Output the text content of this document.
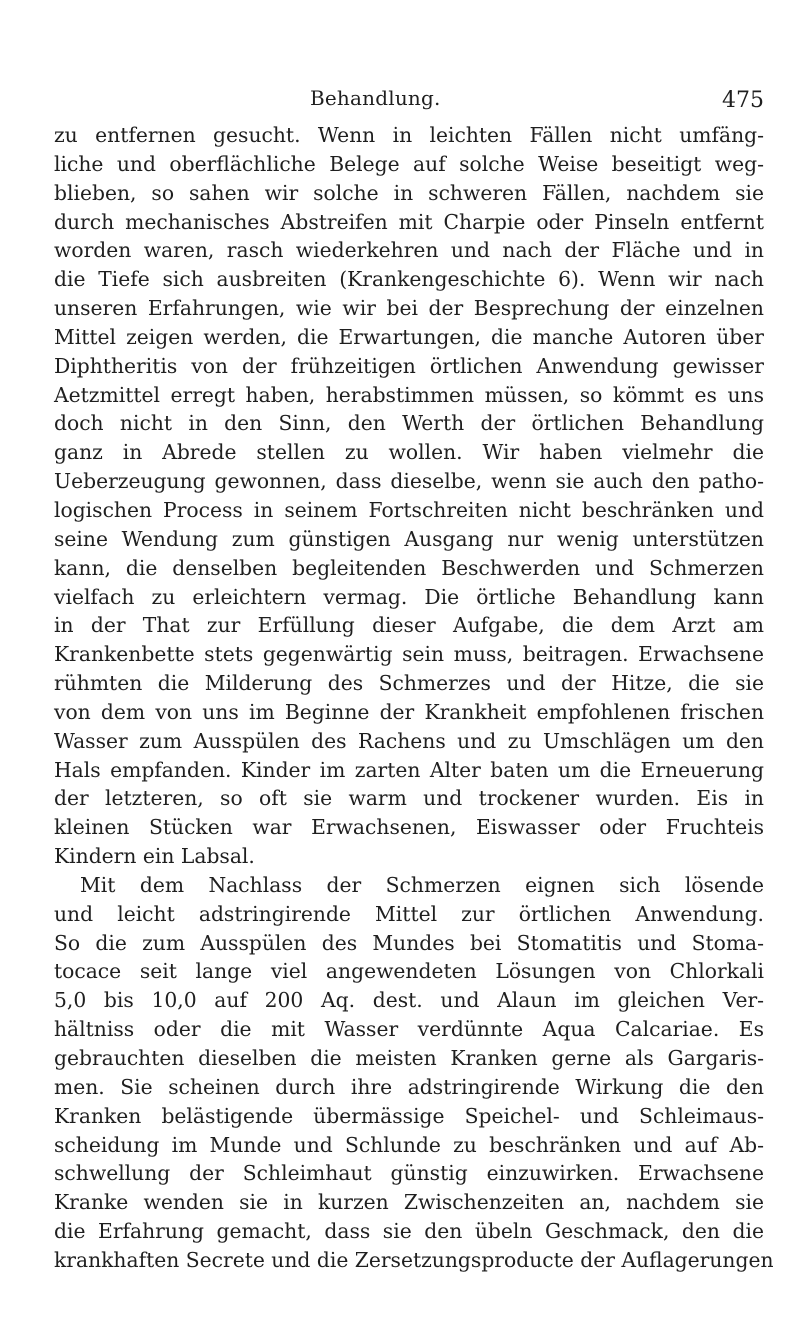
Behandlung.	475
zu entfernen gesucht. Wenn in leichten Fällen nicht umfäng-
liche und oberflächliche Belege auf solche Weise beseitigt weg-
blieben, so sahen wir solche in schweren Fällen, nachdem sie
durch mechanisches Abstreifen mit Charpie oder Pinseln entfernt
worden waren, rasch wiederkehren und nach der Fläche und in
die Tiefe sich ausbreiten (Krankengeschichte 6). Wenn wir nach
unseren Erfahrungen, wie wir bei der Besprechung der einzelnen
Mittel zeigen werden, die Erwartungen, die manche Autoren über
Diphtheritis von der frühzeitigen örtlichen Anwendung gewisser
Aetzmittel erregt haben, herabstimmen müssen, so kömmt es uns
doch nicht in den Sinn, den Werth der örtlichen Behandlung
ganz in Abrede stellen zu wollen. Wir haben vielmehr die
Ueberzeugung gewonnen, dass dieselbe, wenn sie auch den patho-
logischen Process in seinem Fortschreiten nicht beschränken und
seine Wendung zum günstigen Ausgang nur wenig unterstützen
kann, die denselben begleitenden Beschwerden und Schmerzen
vielfach zu erleichtern vermag. Die örtliche Behandlung kann
in der That zur Erfüllung dieser Aufgabe, die dem Arzt am
Krankenbette stets gegenwärtig sein muss, beitragen. Erwachsene
rühmten die Milderung des Schmerzes und der Hitze, die sie
von dem von uns im Beginne der Krankheit empfohlenen frischen
Wasser zum Ausspülen des Rachens und zu Umschlägen um den
Hals empfanden. Kinder im zarten Alter baten um die Erneuerung
der letzteren, so oft sie warm und trockener wurden. Eis in
kleinen Stücken war Erwachsenen, Eiswasser oder Fruchteis
Kindern ein Labsal.
Mit dem Nachlass der Schmerzen eignen sich lösende
und leicht adstringirende Mittel zur örtlichen Anwendung.
So die zum Ausspülen des Mundes bei Stomatitis und Stoma-
tocace seit lange viel angewendeten Lösungen von Chlorkali
5,0 bis 10,0 auf 200 Aq. dest. und Alaun im gleichen Ver-
hältniss oder die mit Wasser verdünnte Aqua Calcariae. Es
gebrauchten dieselben die meisten Kranken gerne als Gargaris-
men. Sie scheinen durch ihre adstringirende Wirkung die den
Kranken belästigende übermässige Speichel- und Schleimaus-
scheidung im Munde und Schlunde zu beschränken und auf Ab-
schwellung der Schleimhaut günstig einzuwirken. Erwachsene
Kranke wenden sie in kurzen Zwischenzeiten an, nachdem sie
die Erfahrung gemacht, dass sie den übeln Geschmack, den die
krankhaften Secrete und die Zersetzungsproducte der Auflagerungen
